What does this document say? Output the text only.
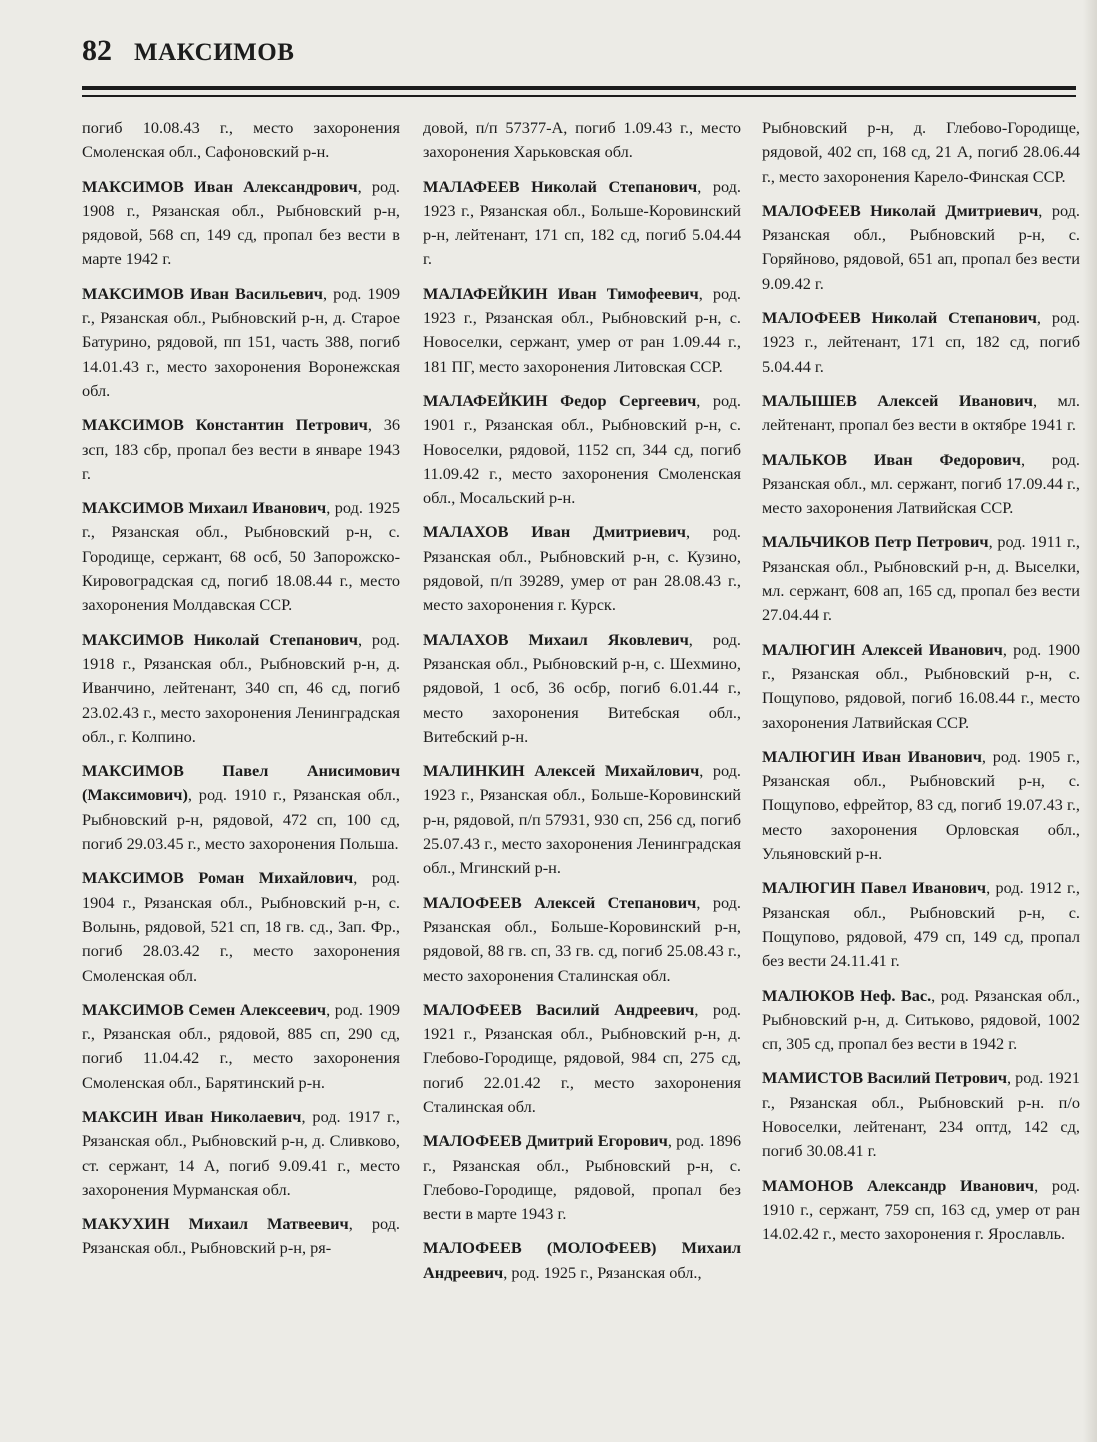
82 МАКСИМОВ

погиб 10.08.43 г., место захоронения Смоленская обл., Сафоновский р-н.

МАКСИМОВ Иван Александрович, род. 1908 г., Рязанская обл., Рыбновский р-н, рядовой, 568 сп, 149 сд, пропал без вести в марте 1942 г.

МАКСИМОВ Иван Васильевич, род. 1909 г., Рязанская обл., Рыбновский р-н, д. Старое Батурино, рядовой, пп 151, часть 388, погиб 14.01.43 г., место захоронения Воронежская обл.

МАКСИМОВ Константин Петрович, 36 зсп, 183 сбр, пропал без вести в январе 1943 г.

МАКСИМОВ Михаил Иванович, род. 1925 г., Рязанская обл., Рыбновский р-н, с. Городище, сержант, 68 осб, 50 Запорожско-Кировоградская сд, погиб 18.08.44 г., место захоронения Молдавская ССР.

МАКСИМОВ Николай Степанович, род. 1918 г., Рязанская обл., Рыбновский р-н, д. Иванчино, лейтенант, 340 сп, 46 сд, погиб 23.02.43 г., место захоронения Ленинградская обл., г. Колпино.

МАКСИМОВ Павел Анисимович (Максимович), род. 1910 г., Рязанская обл., Рыбновский р-н, рядовой, 472 сп, 100 сд, погиб 29.03.45 г., место захоронения Польша.

МАКСИМОВ Роман Михайлович, род. 1904 г., Рязанская обл., Рыбновский р-н, с. Волынь, рядовой, 521 сп, 18 гв. сд., Зап. Фр., погиб 28.03.42 г., место захоронения Смоленская обл.

МАКСИМОВ Семен Алексеевич, род. 1909 г., Рязанская обл., рядовой, 885 сп, 290 сд, погиб 11.04.42 г., место захоронения Смоленская обл., Барятинский р-н.

МАКСИН Иван Николаевич, род. 1917 г., Рязанская обл., Рыбновский р-н, д. Сливково, ст. сержант, 14 А, погиб 9.09.41 г., место захоронения Мурманская обл.

МАКУХИН Михаил Матвеевич, род. Рязанская обл., Рыбновский р-н, ря-

довой, п/п 57377-А, погиб 1.09.43 г., место захоронения Харьковская обл.

МАЛАФЕЕВ Николай Степанович, род. 1923 г., Рязанская обл., Больше-Коровинский р-н, лейтенант, 171 сп, 182 сд, погиб 5.04.44 г.

МАЛАФЕЙКИН Иван Тимофеевич, род. 1923 г., Рязанская обл., Рыбновский р-н, с. Новоселки, сержант, умер от ран 1.09.44 г., 181 ПГ, место захоронения Литовская ССР.

МАЛАФЕЙКИН Федор Сергеевич, род. 1901 г., Рязанская обл., Рыбновский р-н, с. Новоселки, рядовой, 1152 сп, 344 сд, погиб 11.09.42 г., место захоронения Смоленская обл., Мосальский р-н.

МАЛАХОВ Иван Дмитриевич, род. Рязанская обл., Рыбновский р-н, с. Кузино, рядовой, п/п 39289, умер от ран 28.08.43 г., место захоронения г. Курск.

МАЛАХОВ Михаил Яковлевич, род. Рязанская обл., Рыбновский р-н, с. Шехмино, рядовой, 1 осб, 36 осбр, погиб 6.01.44 г., место захоронения Витебская обл., Витебский р-н.

МАЛИНКИН Алексей Михайлович, род. 1923 г., Рязанская обл., Больше-Коровинский р-н, рядовой, п/п 57931, 930 сп, 256 сд, погиб 25.07.43 г., место захоронения Ленинградская обл., Мгинский р-н.

МАЛОФЕЕВ Алексей Степанович, род. Рязанская обл., Больше-Коровинский р-н, рядовой, 88 гв. сп, 33 гв. сд, погиб 25.08.43 г., место захоронения Сталинская обл.

МАЛОФЕЕВ Василий Андреевич, род. 1921 г., Рязанская обл., Рыбновский р-н, д. Глебово-Городище, рядовой, 984 сп, 275 сд, погиб 22.01.42 г., место захоронения Сталинская обл.

МАЛОФЕЕВ Дмитрий Егорович, род. 1896 г., Рязанская обл., Рыбновский р-н, с. Глебово-Городище, рядовой, пропал без вести в марте 1943 г.

МАЛОФЕЕВ (МОЛОФЕЕВ) Михаил Андреевич, род. 1925 г., Рязанская обл.,

Рыбновский р-н, д. Глебово-Городище, рядовой, 402 сп, 168 сд, 21 А, погиб 28.06.44 г., место захоронения Карело-Финская ССР.

МАЛОФЕЕВ Николай Дмитриевич, род. Рязанская обл., Рыбновский р-н, с. Горяйново, рядовой, 651 ап, пропал без вести 9.09.42 г.

МАЛОФЕЕВ Николай Степанович, род. 1923 г., лейтенант, 171 сп, 182 сд, погиб 5.04.44 г.

МАЛЫШЕВ Алексей Иванович, мл. лейтенант, пропал без вести в октябре 1941 г.

МАЛЬКОВ Иван Федорович, род. Рязанская обл., мл. сержант, погиб 17.09.44 г., место захоронения Латвийская ССР.

МАЛЬЧИКОВ Петр Петрович, род. 1911 г., Рязанская обл., Рыбновский р-н, д. Выселки, мл. сержант, 608 ап, 165 сд, пропал без вести 27.04.44 г.

МАЛЮГИН Алексей Иванович, род. 1900 г., Рязанская обл., Рыбновский р-н, с. Пощупово, рядовой, погиб 16.08.44 г., место захоронения Латвийская ССР.

МАЛЮГИН Иван Иванович, род. 1905 г., Рязанская обл., Рыбновский р-н, с. Пощупово, ефрейтор, 83 сд, погиб 19.07.43 г., место захоронения Орловская обл., Ульяновский р-н.

МАЛЮГИН Павел Иванович, род. 1912 г., Рязанская обл., Рыбновский р-н, с. Пощупово, рядовой, 479 сп, 149 сд, пропал без вести 24.11.41 г.

МАЛЮКОВ Неф. Вас., род. Рязанская обл., Рыбновский р-н, д. Ситьково, рядовой, 1002 сп, 305 сд, пропал без вести в 1942 г.

МАМИСТОВ Василий Петрович, род. 1921 г., Рязанская обл., Рыбновский р-н. п/о Новоселки, лейтенант, 234 оптд, 142 сд, погиб 30.08.41 г.

МАМОНОВ Александр Иванович, род. 1910 г., сержант, 759 сп, 163 сд, умер от ран 14.02.42 г., место захоронения г. Ярославль.
